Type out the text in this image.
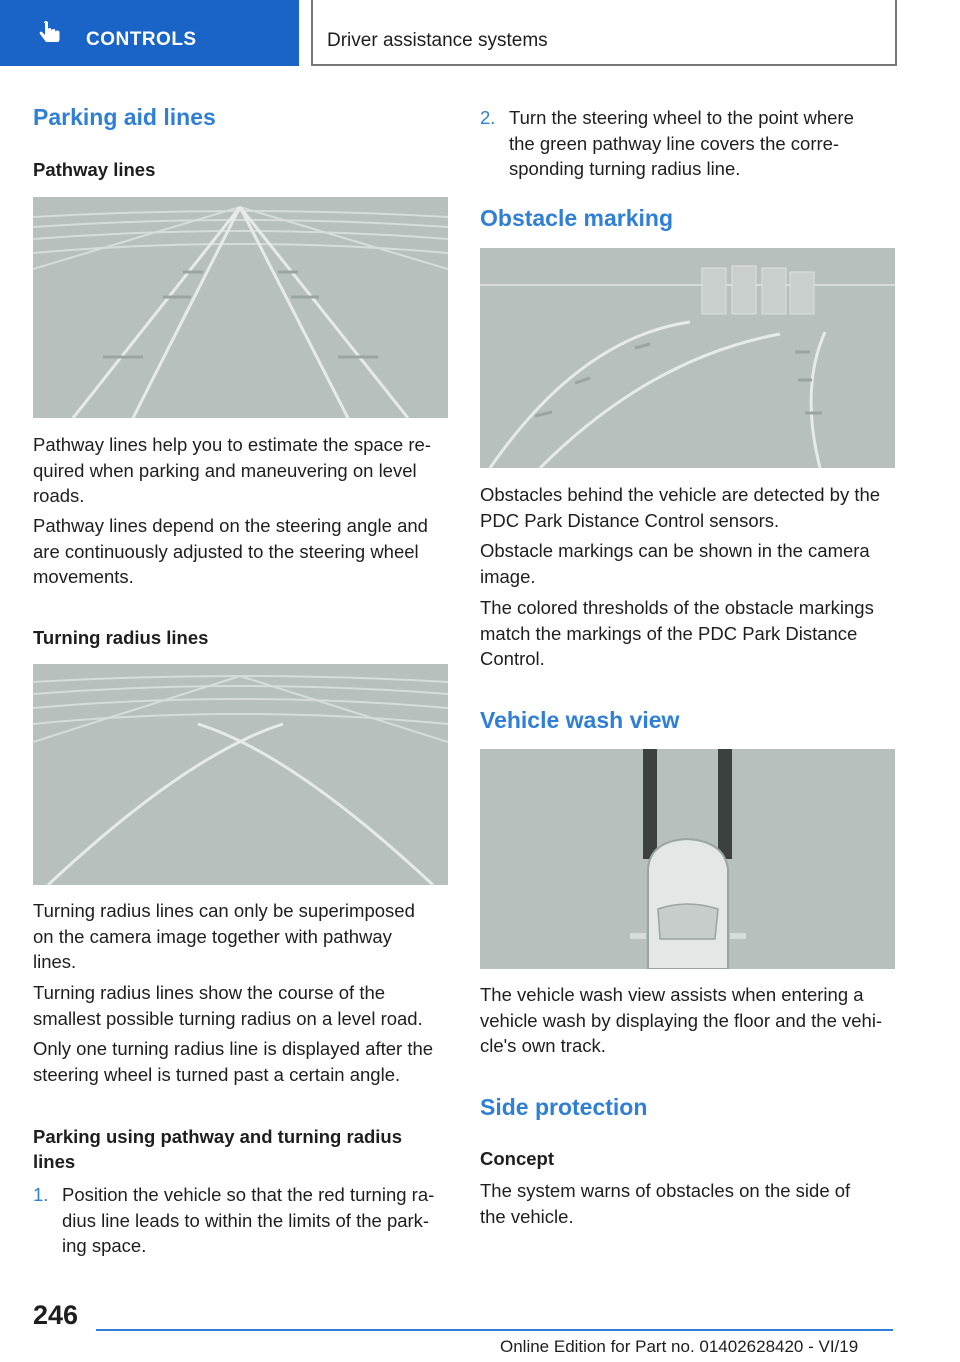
CONTROLS	Driver assistance systems
Parking aid lines
Pathway lines

Pathway lines help you to estimate the space re-
quired when parking and maneuvering on level
roads.

Pathway lines depend on the steering angle and
are continuously adjusted to the steering wheel
movements.

Turning radius lines

Turning radius lines can only be superimposed
on the camera image together with pathway
lines.

Turning radius lines show the course of the
smallest possible turning radius on a level road.

Only one turning radius line is displayed after the
steering wheel is turned past a certain angle.

Parking using pathway and turning radius
lines
1. Position the vehicle so that the red turning ra-
dius line leads to within the limits of the park-
ing space.
2. Turn the steering wheel to the point where
the green pathway line covers the corre-
sponding turning radius line.
Obstacle marking

Obstacles behind the vehicle are detected by the
PDC Park Distance Control sensors.

Obstacle markings can be shown in the camera
image.

The colored thresholds of the obstacle markings
match the markings of the PDC Park Distance
Control.

Vehicle wash view

The vehicle wash view assists when entering a
vehicle wash by displaying the floor and the vehi-
cle's own track.

Side protection
Concept

The system warns of obstacles on the side of
the vehicle.

246
Online Edition for Part no. 01402628420 - VI/19
